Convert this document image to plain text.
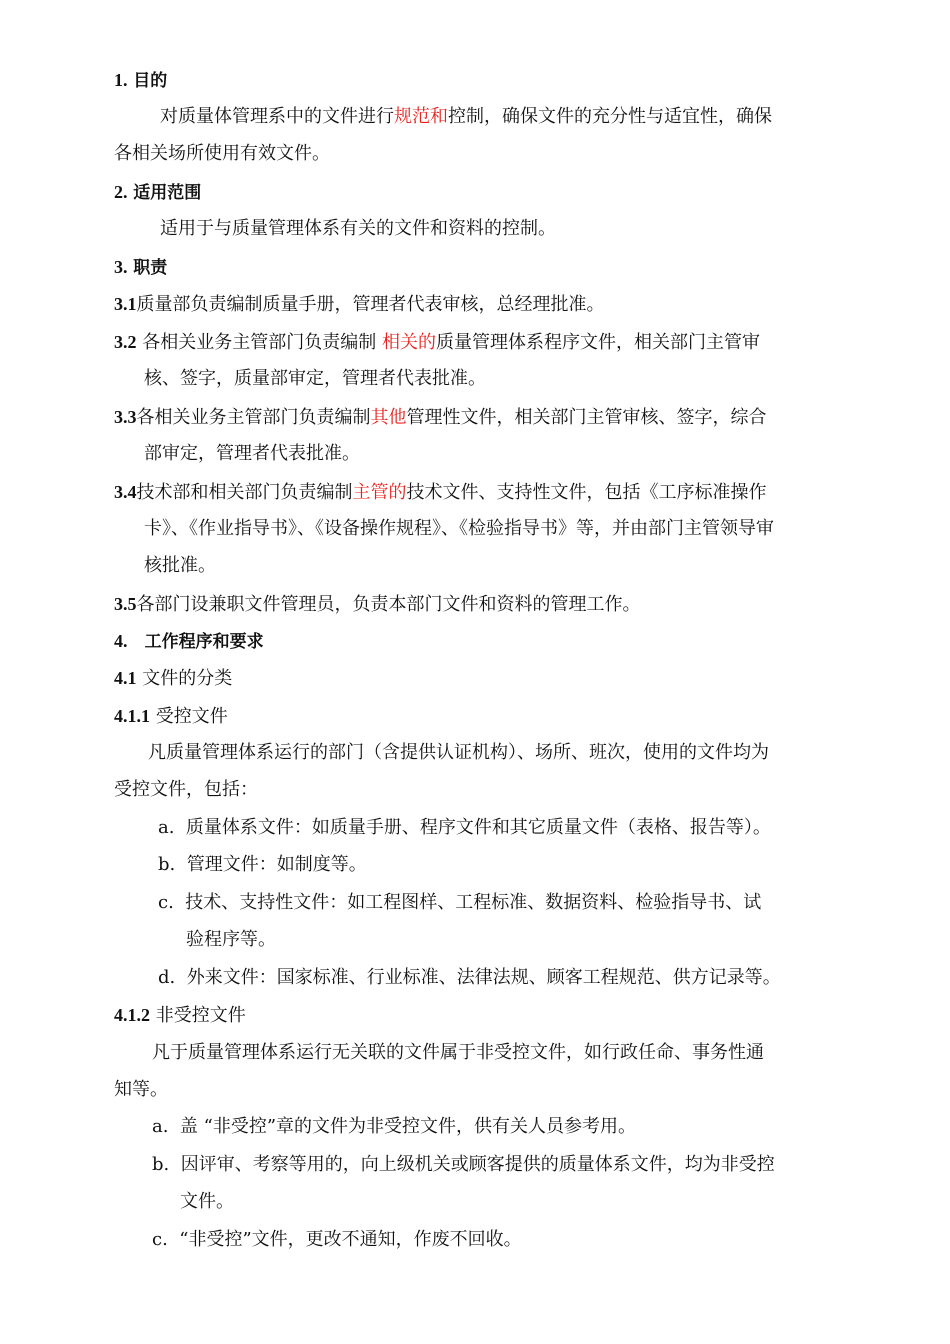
1. 目的
对质量体管理系中的文件进行规范和控制，确保文件的充分性与适宜性，确保
各相关场所使用有效文件。
2. 适用范围
适用于与质量管理体系有关的文件和资料的控制。
3. 职责
3.1质量部负责编制质量手册，管理者代表审核，总经理批准。
3.2 各相关业务主管部门负责编制 相关的质量管理体系程序文件，相关部门主管审
核、签字，质量部审定，管理者代表批准。
3.3各相关业务主管部门负责编制其他管理性文件，相关部门主管审核、签字，综合
部审定，管理者代表批准。
3.4技术部和相关部门负责编制主管的技术文件、支持性文件，包括《工序标准操作
卡》、《作业指导书》、《设备操作规程》、《检验指导书》等，并由部门主管领导审
核批准。
3.5各部门设兼职文件管理员，负责本部门文件和资料的管理工作。
4. 工作程序和要求
4.1 文件的分类
4.1.1 受控文件
凡质量管理体系运行的部门（含提供认证机构）、场所、班次，使用的文件均为
受控文件，包括：
a. 质量体系文件：如质量手册、程序文件和其它质量文件（表格、报告等）。
b. 管理文件：如制度等。
c. 技术、支持性文件：如工程图样、工程标准、数据资料、检验指导书、试
验程序等。
d. 外来文件：国家标准、行业标准、法律法规、顾客工程规范、供方记录等。
4.1.2 非受控文件
凡于质量管理体系运行无关联的文件属于非受控文件，如行政任命、事务性通
知等。
a. 盖 “非受控”章的文件为非受控文件，供有关人员参考用。
b. 因评审、考察等用的，向上级机关或顾客提供的质量体系文件，均为非受控
文件。
c. “非受控”文件，更改不通知，作废不回收。
